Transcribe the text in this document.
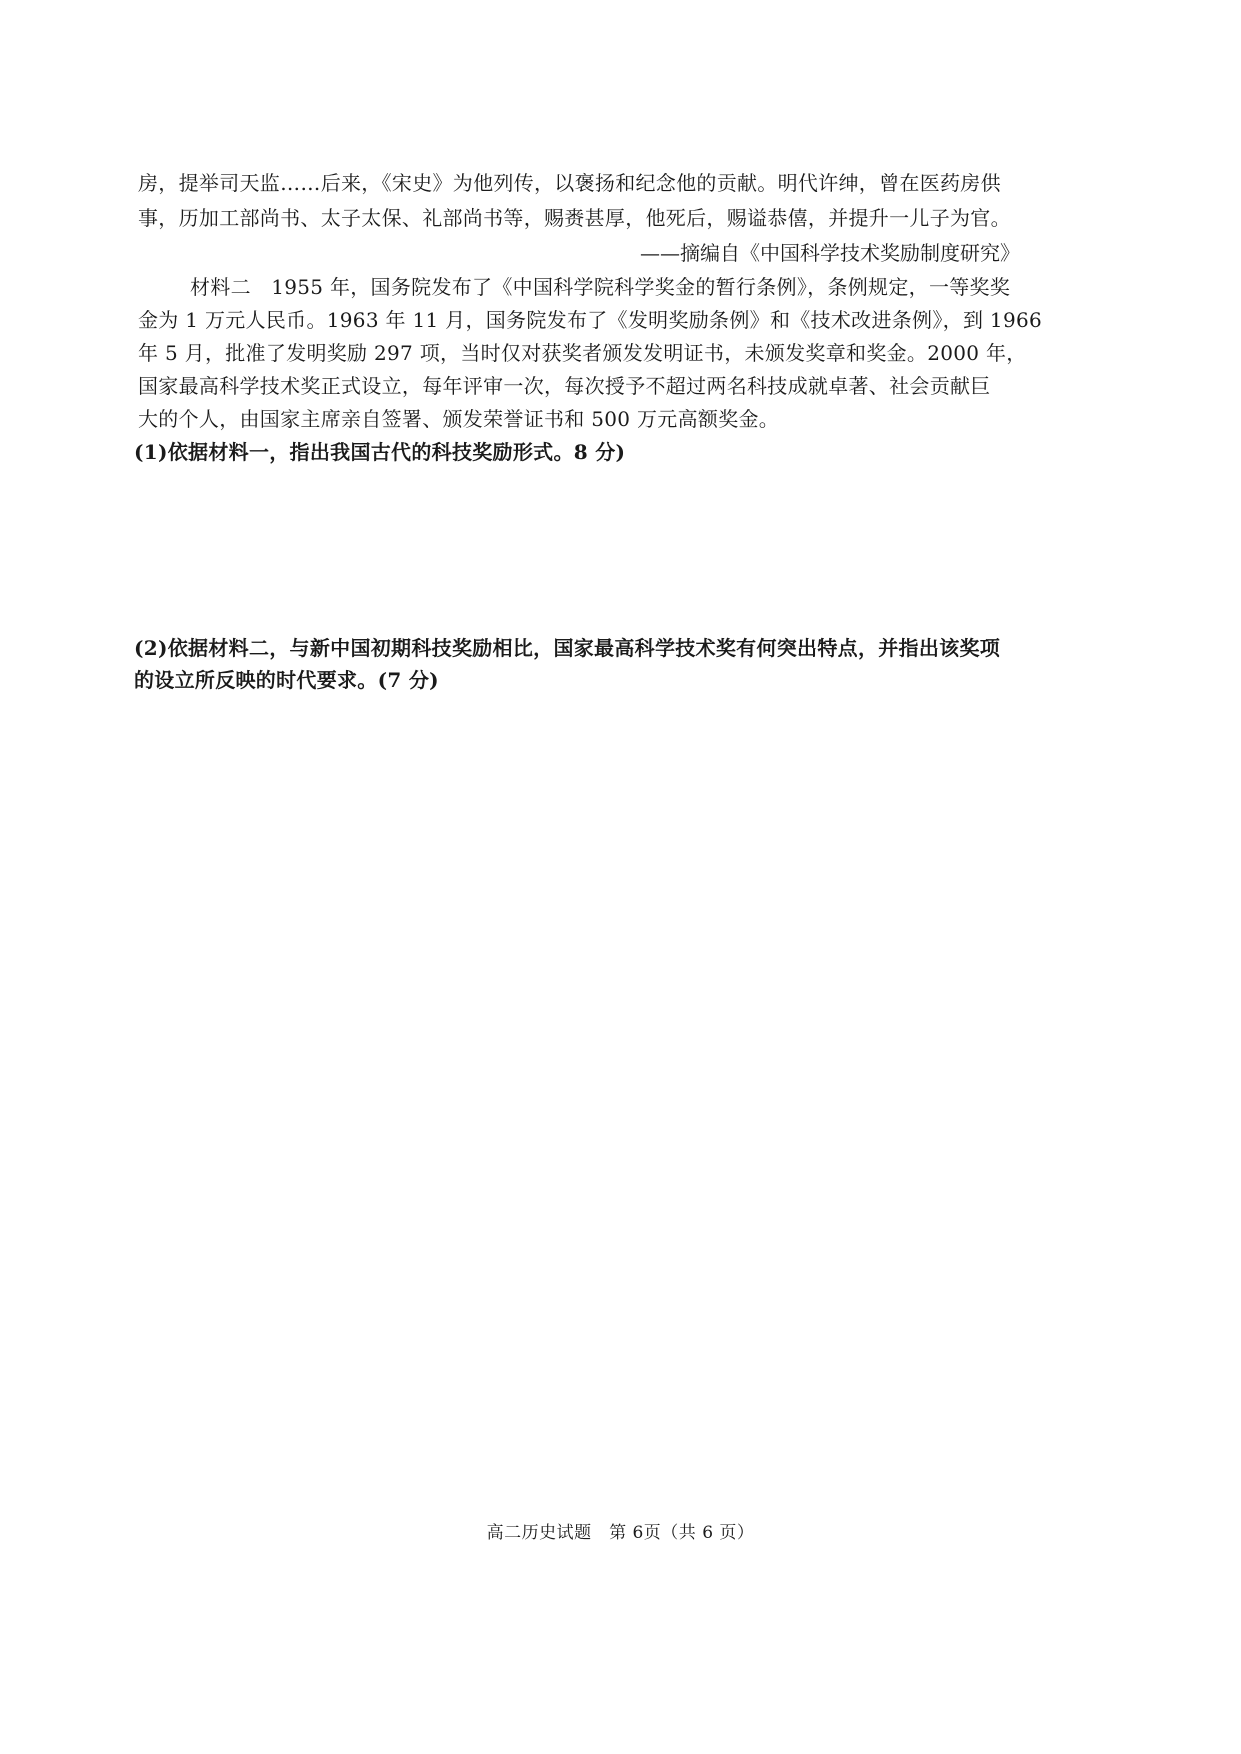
房，提举司天监……后来，《宋史》为他列传，以褒扬和纪念他的贡献。明代许绅，曾在医药房供
事，历加工部尚书、太子太保、礼部尚书等，赐赉甚厚，他死后，赐谥恭僖，并提升一儿子为官。
——摘编自《中国科学技术奖励制度研究》
材料二　1955 年，国务院发布了《中国科学院科学奖金的暂行条例》，条例规定，一等奖奖
金为 1 万元人民币。1963 年 11 月，国务院发布了《发明奖励条例》和《技术改进条例》，到 1966
年 5 月，批准了发明奖励 297 项，当时仅对获奖者颁发发明证书，未颁发奖章和奖金。2000 年，
国家最高科学技术奖正式设立，每年评审一次，每次授予不超过两名科技成就卓著、社会贡献巨
大的个人，由国家主席亲自签署、颁发荣誉证书和 500 万元高额奖金。
(1)依据材料一，指出我国古代的科技奖励形式。8 分)
(2)依据材料二，与新中国初期科技奖励相比，国家最高科学技术奖有何突出特点，并指出该奖项
的设立所反映的时代要求。(7 分)
高二历史试题　第 6页（共 6 页）
